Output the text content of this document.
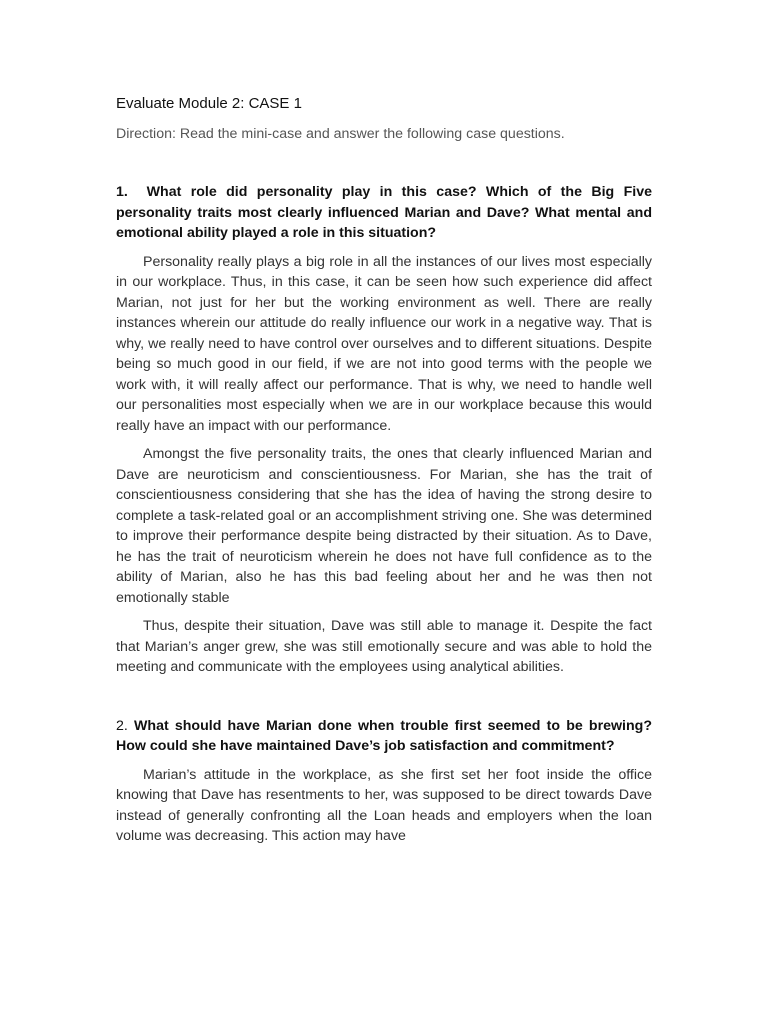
Evaluate Module 2: CASE 1
Direction: Read the mini-case and answer the following case questions.
1. What role did personality play in this case? Which of the Big Five personality traits most clearly influenced Marian and Dave? What mental and emotional ability played a role in this situation?

Personality really plays a big role in all the instances of our lives most especially in our workplace. Thus, in this case, it can be seen how such experience did affect Marian, not just for her but the working environment as well. There are really instances wherein our attitude do really influence our work in a negative way. That is why, we really need to have control over ourselves and to different situations. Despite being so much good in our field, if we are not into good terms with the people we work with, it will really affect our performance. That is why, we need to handle well our personalities most especially when we are in our workplace because this would really have an impact with our performance.

Amongst the five personality traits, the ones that clearly influenced Marian and Dave are neuroticism and conscientiousness. For Marian, she has the trait of conscientiousness considering that she has the idea of having the strong desire to complete a task-related goal or an accomplishment striving one. She was determined to improve their performance despite being distracted by their situation. As to Dave, he has the trait of neuroticism wherein he does not have full confidence as to the ability of Marian, also he has this bad feeling about her and he was then not emotionally stable

Thus, despite their situation, Dave was still able to manage it. Despite the fact that Marian’s anger grew, she was still emotionally secure and was able to hold the meeting and communicate with the employees using analytical abilities.

2. What should have Marian done when trouble first seemed to be brewing? How could she have maintained Dave’s job satisfaction and commitment?

Marian’s attitude in the workplace, as she first set her foot inside the office knowing that Dave has resentments to her, was supposed to be direct towards Dave instead of generally confronting all the Loan heads and employers when the loan volume was decreasing. This action may have
